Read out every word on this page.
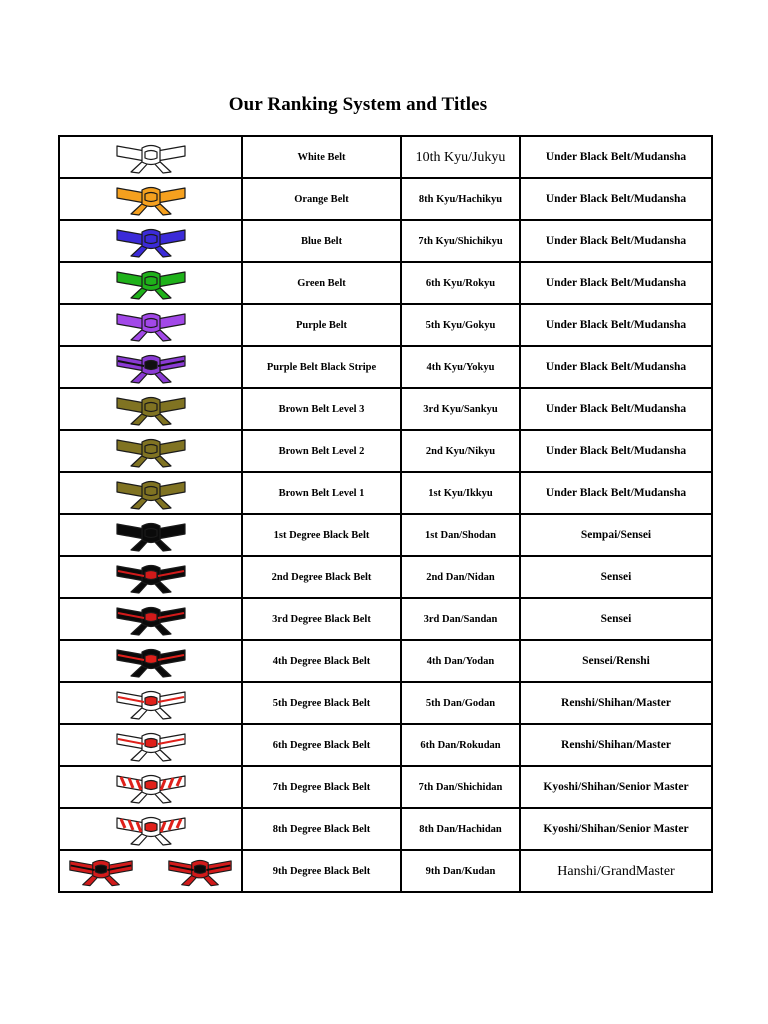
Our Ranking System and Titles
	White Belt	10th Kyu/Jukyu	Under Black Belt/Mudansha

	Orange Belt	8th Kyu/Hachikyu	Under Black Belt/Mudansha

	Blue Belt	7th Kyu/Shichikyu	Under Black Belt/Mudansha

	Green Belt	6th Kyu/Rokyu	Under Black Belt/Mudansha

	Purple Belt	5th Kyu/Gokyu	Under Black Belt/Mudansha

	Purple Belt Black Stripe	4th Kyu/Yokyu	Under Black Belt/Mudansha

	Brown Belt Level 3	3rd Kyu/Sankyu	Under Black Belt/Mudansha

	Brown Belt Level 2	2nd Kyu/Nikyu	Under Black Belt/Mudansha

	Brown Belt Level 1	1st Kyu/Ikkyu	Under Black Belt/Mudansha

	1st Degree Black Belt	1st Dan/Shodan	Sempai/Sensei

	2nd Degree Black Belt	2nd Dan/Nidan	Sensei

	3rd Degree Black Belt	3rd Dan/Sandan	Sensei

	4th Degree Black Belt	4th Dan/Yodan	Sensei/Renshi

	5th Degree Black Belt	5th Dan/Godan	Renshi/Shihan/Master

	6th Degree Black Belt	6th Dan/Rokudan	Renshi/Shihan/Master

	7th Degree Black Belt	7th Dan/Shichidan	Kyoshi/Shihan/Senior Master

	8th Degree Black Belt	8th Dan/Hachidan	Kyoshi/Shihan/Senior Master

	9th Degree Black Belt	9th Dan/Kudan	Hanshi/GrandMaster
